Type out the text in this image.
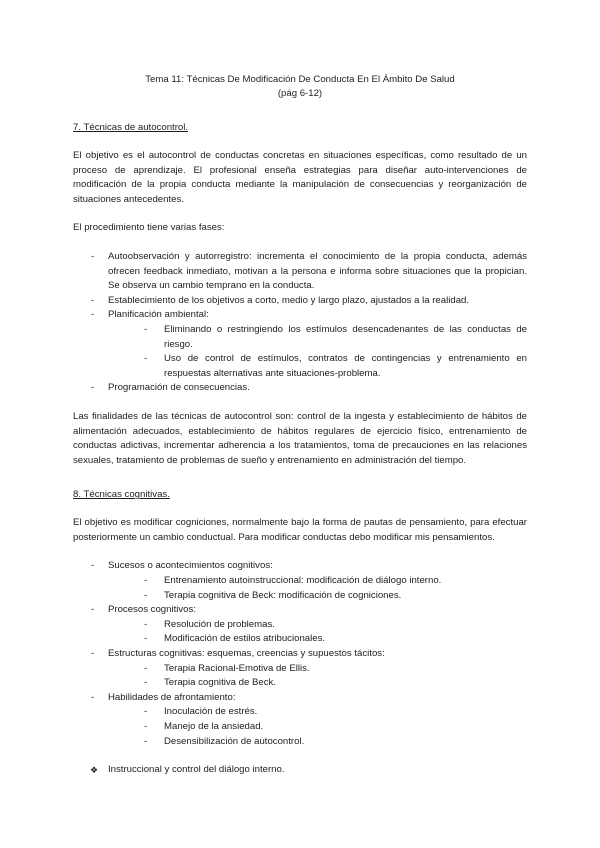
Tema 11: Técnicas De Modificación De Conducta En El Ámbito De Salud
(pág 6-12)
7. Técnicas de autocontrol.

El objetivo es el autocontrol de conductas concretas en situaciones específicas, como resultado de un proceso de aprendizaje. El profesional enseña estrategias para diseñar auto-intervenciones de modificación de la propia conducta mediante la manipulación de consecuencias y reorganización de situaciones antecedentes.

El procedimiento tiene varias fases:

- Autoobservación y autorregistro: incrementa el conocimiento de la propia conducta, además ofrecen feedback inmediato, motivan a la persona e informa sobre situaciones que la propician. Se observa un cambio temprano en la conducta.
- Establecimiento de los objetivos a corto, medio y largo plazo, ajustados a la realidad.
- Planificación ambiental:
- Eliminando o restringiendo los estímulos desencadenantes de las conductas de riesgo.
- Uso de control de estímulos, contratos de contingencias y entrenamiento en respuestas alternativas ante situaciones-problema.
- Programación de consecuencias.

Las finalidades de las técnicas de autocontrol son: control de la ingesta y establecimiento de hábitos de alimentación adecuados, establecimiento de hábitos regulares de ejercicio físico, entrenamiento de conductas adictivas, incrementar adherencia a los tratamientos, toma de precauciones en las relaciones sexuales, tratamiento de problemas de sueño y entrenamiento en administración del tiempo.

8. Técnicas cognitivas.

El objetivo es modificar cogniciones, normalmente bajo la forma de pautas de pensamiento, para efectuar posteriormente un cambio conductual. Para modificar conductas debo modificar mis pensamientos.

- Sucesos o acontecimientos cognitivos:
- Entrenamiento autoinstruccional: modificación de diálogo interno.
- Terapia cognitiva de Beck: modificación de cogniciones.
- Procesos cognitivos:
- Resolución de problemas.
- Modificación de estilos atribucionales.
- Estructuras cognitivas: esquemas, creencias y supuestos tácitos:
- Terapia Racional-Emotiva de Ellis.
- Terapia cognitiva de Beck.
- Habilidades de afrontamiento:
- Inoculación de estrés.
- Manejo de la ansiedad.
- Desensibilización de autocontrol.
❖ Instruccional y control del diálogo interno.
